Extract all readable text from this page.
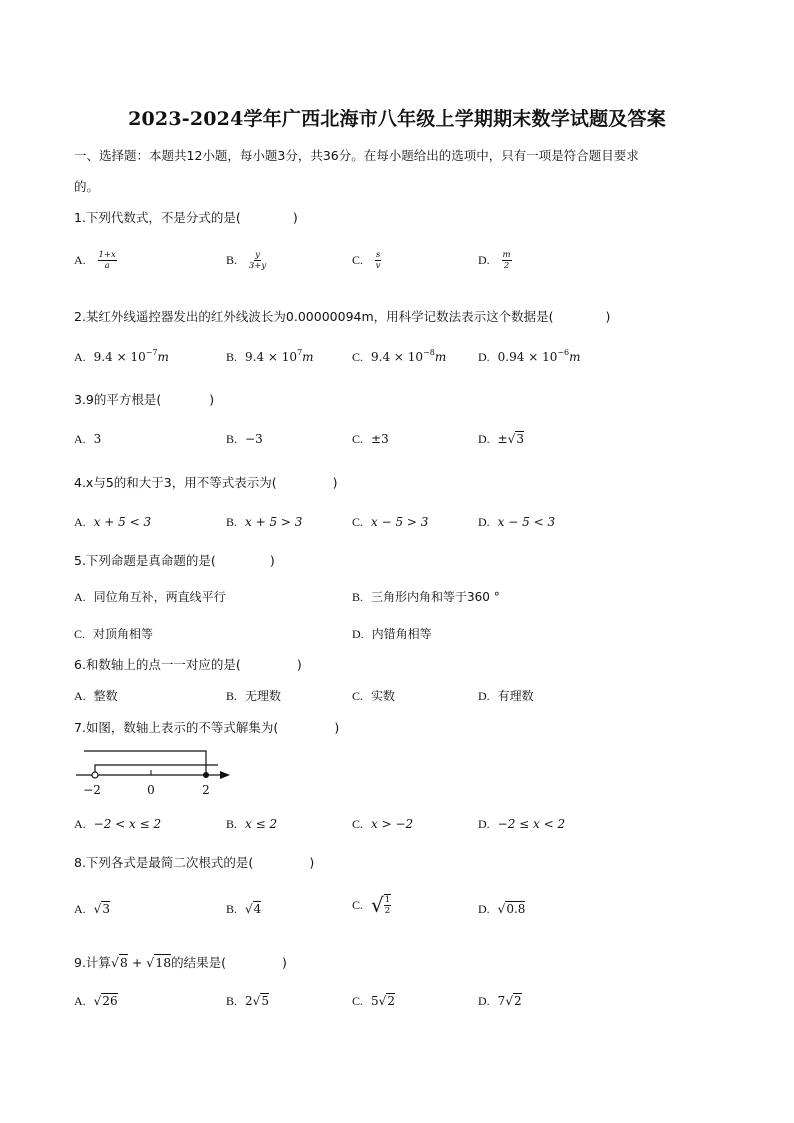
2023-2024学年广西北海市八年级上学期期末数学试题及答案
一、选择题：本题共12小题，每小题3分，共36分。在每小题给出的选项中，只有一项是符合题目要求
的。
1.下列代数式，不是分式的是(	)
A. $\frac{1+x}{a}$	B. $\frac{y}{3+y}$	C. $\frac{s}{v}$	D. $\frac{m}{2}$
2.某红外线遥控器发出的红外线波长为0.00000094m，用科学记数法表示这个数据是(	)
A. $9.4 \times 10^{-7}m$	B. $9.4 \times 10^7m$	C. $9.4 \times 10^{-8}m$	D. $0.94 \times 10^{-6}m$
3.9的平方根是(	)
A. 3	B. −3	C. ±3	D. ±√3
4.x与5的和大于3，用不等式表示为(	)
A. x + 5 < 3	B. x + 5 > 3	C. x − 5 > 3	D. x − 5 < 3
5.下列命题是真命题的是(	)
A. 同位角互补，两直线平行	B. 三角形内角和等于360 °
C. 对顶角相等	D. 内错角相等
6.和数轴上的点一一对应的是(	)
A. 整数	B. 无理数	C. 实数	D. 有理数
7.如图，数轴上表示的不等式解集为(	)
−2	0	2
A. −2 < x ≤ 2	B. x ≤ 2	C. x > −2	D. −2 ≤ x < 2
8.下列各式是最简二次根式的是(	)
A. √3	B. √4	C. √ $\frac{1}{2}$	D. √0.8
9.计算√8 + √18的结果是(	)
A. √26	B. 2√5	C. 5√2	D. 7√2
